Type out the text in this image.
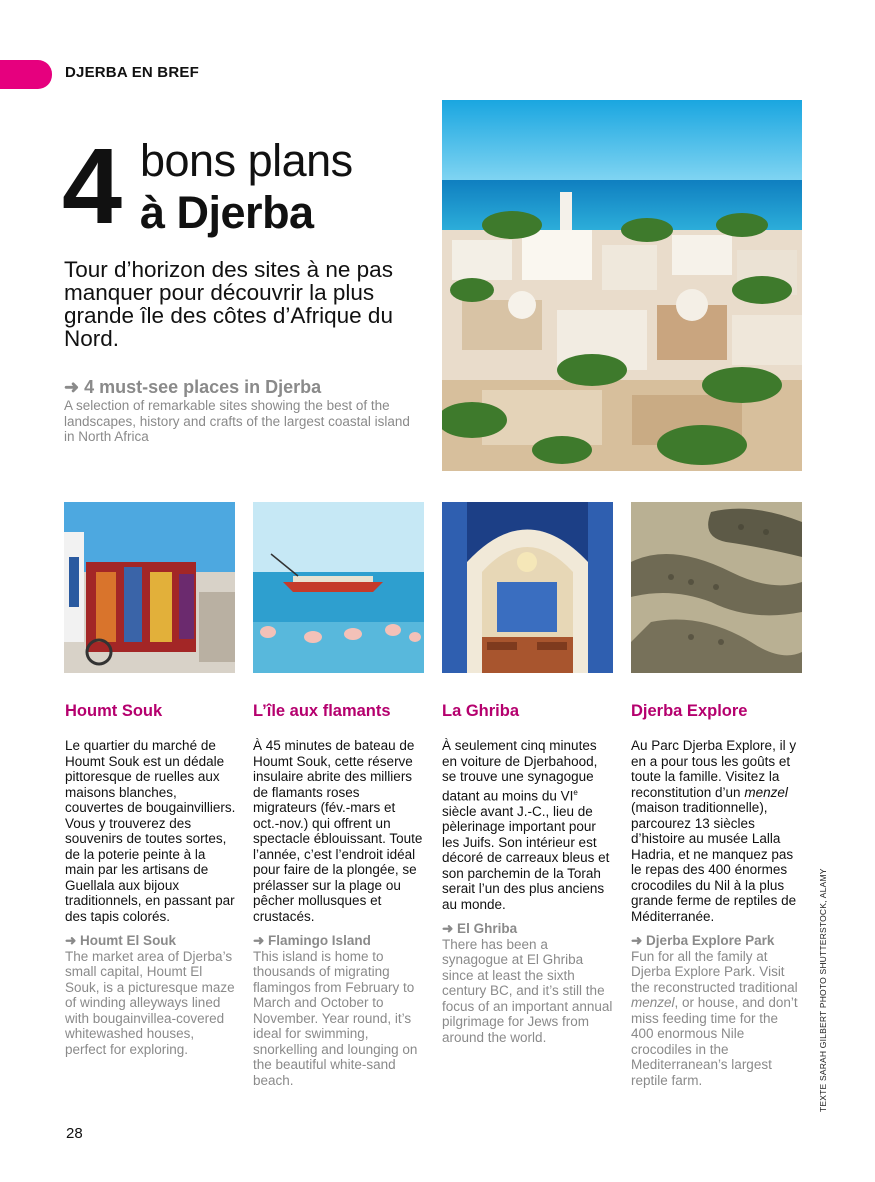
DJERBA EN BREF
4 bons plans
à Djerba
Tour d’horizon des sites à ne pas manquer pour découvrir la plus grande île des côtes d’Afrique du Nord.
➜ 4 must-see places in Djerba
A selection of remarkable sites showing the best of the landscapes, history and crafts of the largest coastal island in North Africa
Houmt Souk
Le quartier du marché de Houmt Souk est un dédale pittoresque de ruelles aux maisons blanches, couvertes de bougainvilliers. Vous y trouverez des souvenirs de toutes sortes, de la poterie peinte à la main par les artisans de Guellala aux bijoux traditionnels, en passant par des tapis colorés.
➜ Houmt El Souk
The market area of Djerba’s small capital, Houmt El Souk, is a picturesque maze of winding alleyways lined with bougainvillea-covered whitewashed houses, perfect for exploring.
L’île aux flamants
À 45 minutes de bateau de Houmt Souk, cette réserve insulaire abrite des milliers de flamants roses migrateurs (fév.-mars et oct.-nov.) qui offrent un spectacle éblouissant. Toute l’année, c’est l’endroit idéal pour faire de la plongée, se prélasser sur la plage ou pêcher mollusques et crustacés.
➜ Flamingo Island
This island is home to thousands of migrating flamingos from February to March and October to November. Year round, it’s ideal for swimming, snorkelling and lounging on the beautiful white-sand beach.
La Ghriba
À seulement cinq minutes en voiture de Djerbahood, se trouve une synagogue datant au moins du VIe siècle avant J.-C., lieu de pèlerinage important pour les Juifs. Son intérieur est décoré de carreaux bleus et son parchemin de la Torah serait l’un des plus anciens au monde.
➜ El Ghriba
There has been a synagogue at El Ghriba since at least the sixth century BC, and it’s still the focus of an important annual pilgrimage for Jews from around the world.
Djerba Explore
Au Parc Djerba Explore, il y en a pour tous les goûts et toute la famille. Visitez la reconstitution d’un menzel (maison traditionnelle), parcourez 13 siècles d’histoire au musée Lalla Hadria, et ne manquez pas le repas des 400 énormes crocodiles du Nil à la plus grande ferme de reptiles de Méditerranée.
➜ Djerba Explore Park
Fun for all the family at Djerba Explore Park. Visit the reconstructed traditional menzel, or house, and don’t miss feeding time for the 400 enormous Nile crocodiles in the Mediterranean’s largest reptile farm.	TEXTE SARAH GILBERT PHOTO SHUTTERSTOCK, ALAMY
28
